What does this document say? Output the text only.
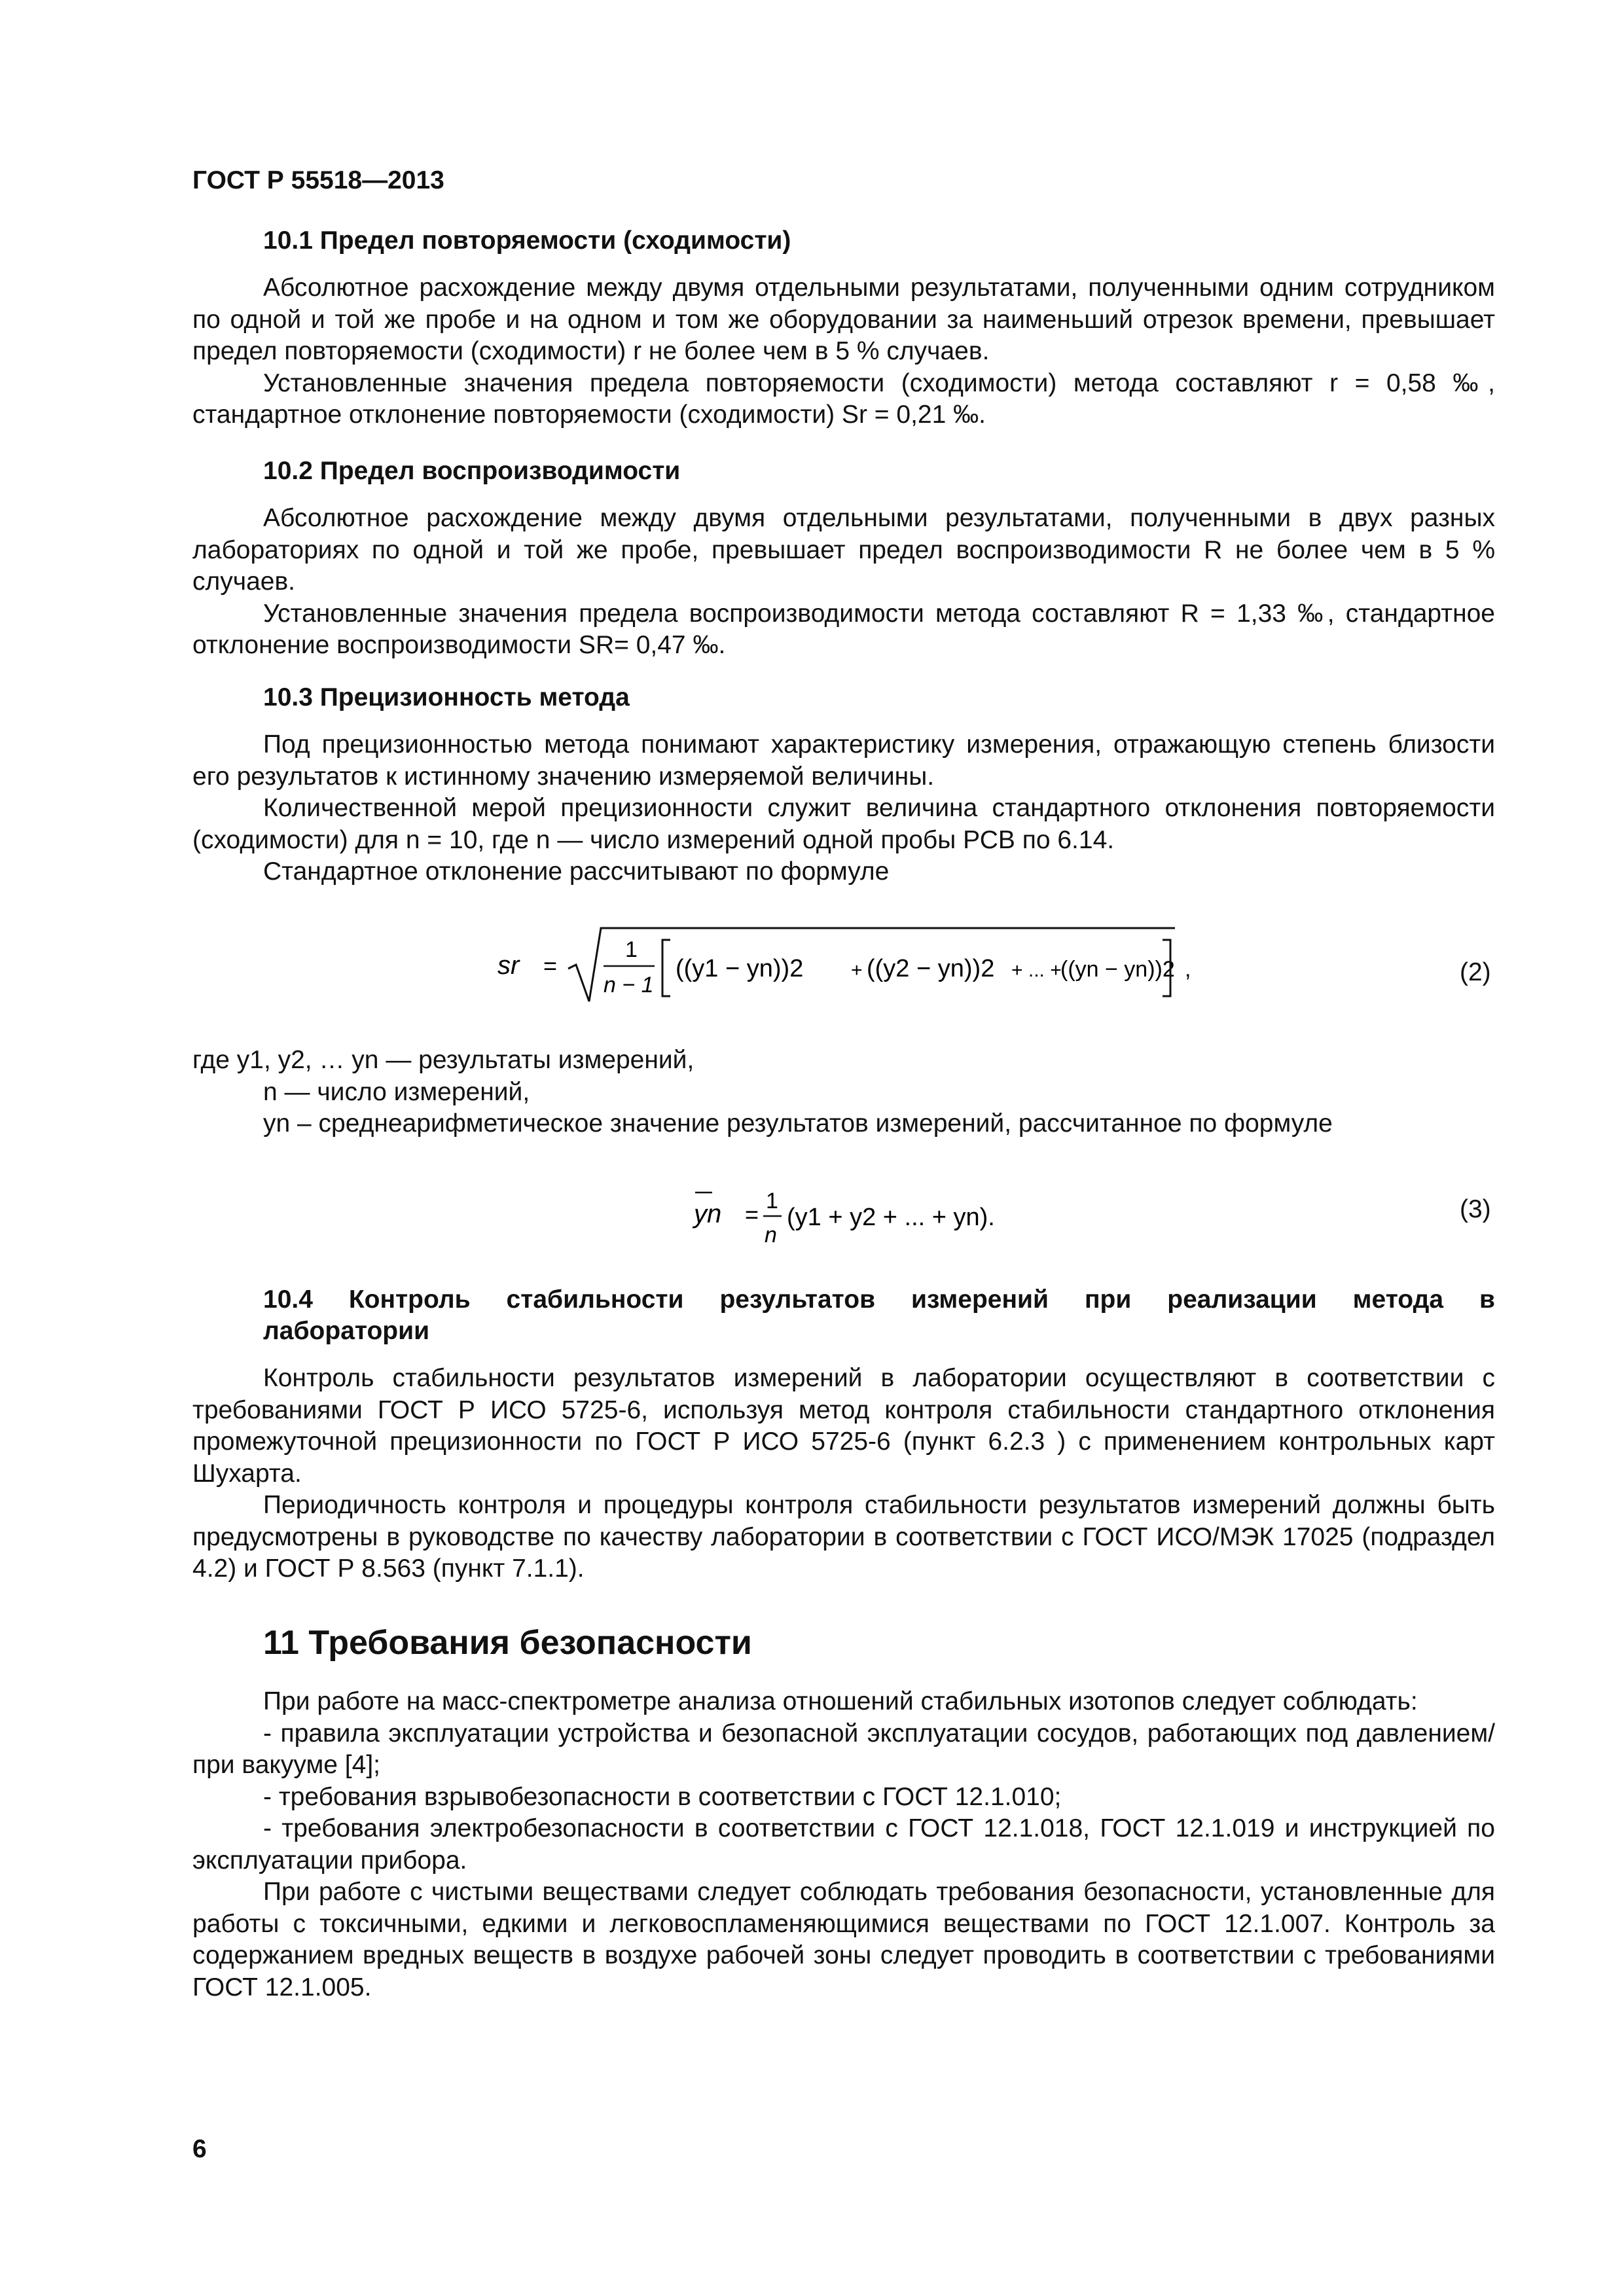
ГОСТ Р 55518—2013
10.1 Предел повторяемости (сходимости)

Абсолютное расхождение между двумя отдельными результатами, полученными одним сотрудником по одной и той же пробе и на одном и том же оборудовании за наименьший отрезок времени, превышает предел повторяемости (сходимости) r не более чем в 5 % случаев.

Установленные значения предела повторяемости (сходимости) метода составляют r = 0,58 ‰, стандартное отклонение повторяемости (сходимости) Sr = 0,21 ‰.

10.2 Предел воспроизводимости

Абсолютное расхождение между двумя отдельными результатами, полученными в двух разных лабораториях по одной и той же пробе, превышает предел воспроизводимости R не более чем в 5 % случаев.

Установленные значения предела воспроизводимости метода составляют R = 1,33 ‰, стандартное отклонение воспроизводимости SR= 0,47 ‰.

10.3 Прецизионность метода

Под прецизионностью метода понимают характеристику измерения, отражающую степень близости его результатов к истинному значению измеряемой величины.

Количественной мерой прецизионности служит величина стандартного отклонения повторяемости (сходимости) для n = 10, где n — число измерений одной пробы РСВ по 6.14.

Стандартное отклонение рассчитывают по формуле

sr =
1
n − 1
((y1 − yn))2 + ((y2 − yn))2 + ... +
((yn − yn))2 ,	(2)
где y1, y2, … yn — результаты измерений,
n — число измерений,
yn – среднеарифметическое значение результатов измерений, рассчитанное по формуле
yn = 1
n
(y1 + y2 + ... + yn).	(3)
10.4 Контроль стабильности результатов измерений при реализации метода в
лаборатории

Контроль стабильности результатов измерений в лаборатории осуществляют в соответствии с требованиями ГОСТ Р ИСО 5725-6, используя метод контроля стабильности стандартного отклонения промежуточной прецизионности по ГОСТ Р ИСО 5725-6 (пункт 6.2.3 ) с применением контрольных карт Шухарта.

Периодичность контроля и процедуры контроля стабильности результатов измерений должны быть предусмотрены в руководстве по качеству лаборатории в соответствии с ГОСТ ИСО/МЭК 17025 (подраздел 4.2) и ГОСТ Р 8.563 (пункт 7.1.1).

11 Требования безопасности

При работе на масс-спектрометре анализа отношений стабильных изотопов следует соблюдать:

- правила эксплуатации устройства и безопасной эксплуатации сосудов, работающих под давлением/при вакууме [4];

- требования взрывобезопасности в соответствии с ГОСТ 12.1.010;

- требования электробезопасности в соответствии с ГОСТ 12.1.018, ГОСТ 12.1.019 и инструкцией по эксплуатации прибора.

При работе с чистыми веществами следует соблюдать требования безопасности, установленные для работы с токсичными, едкими и легковоспламеняющимися веществами по ГОСТ 12.1.007. Контроль за содержанием вредных веществ в воздухе рабочей зоны следует проводить в соответствии с требованиями ГОСТ 12.1.005.

6
